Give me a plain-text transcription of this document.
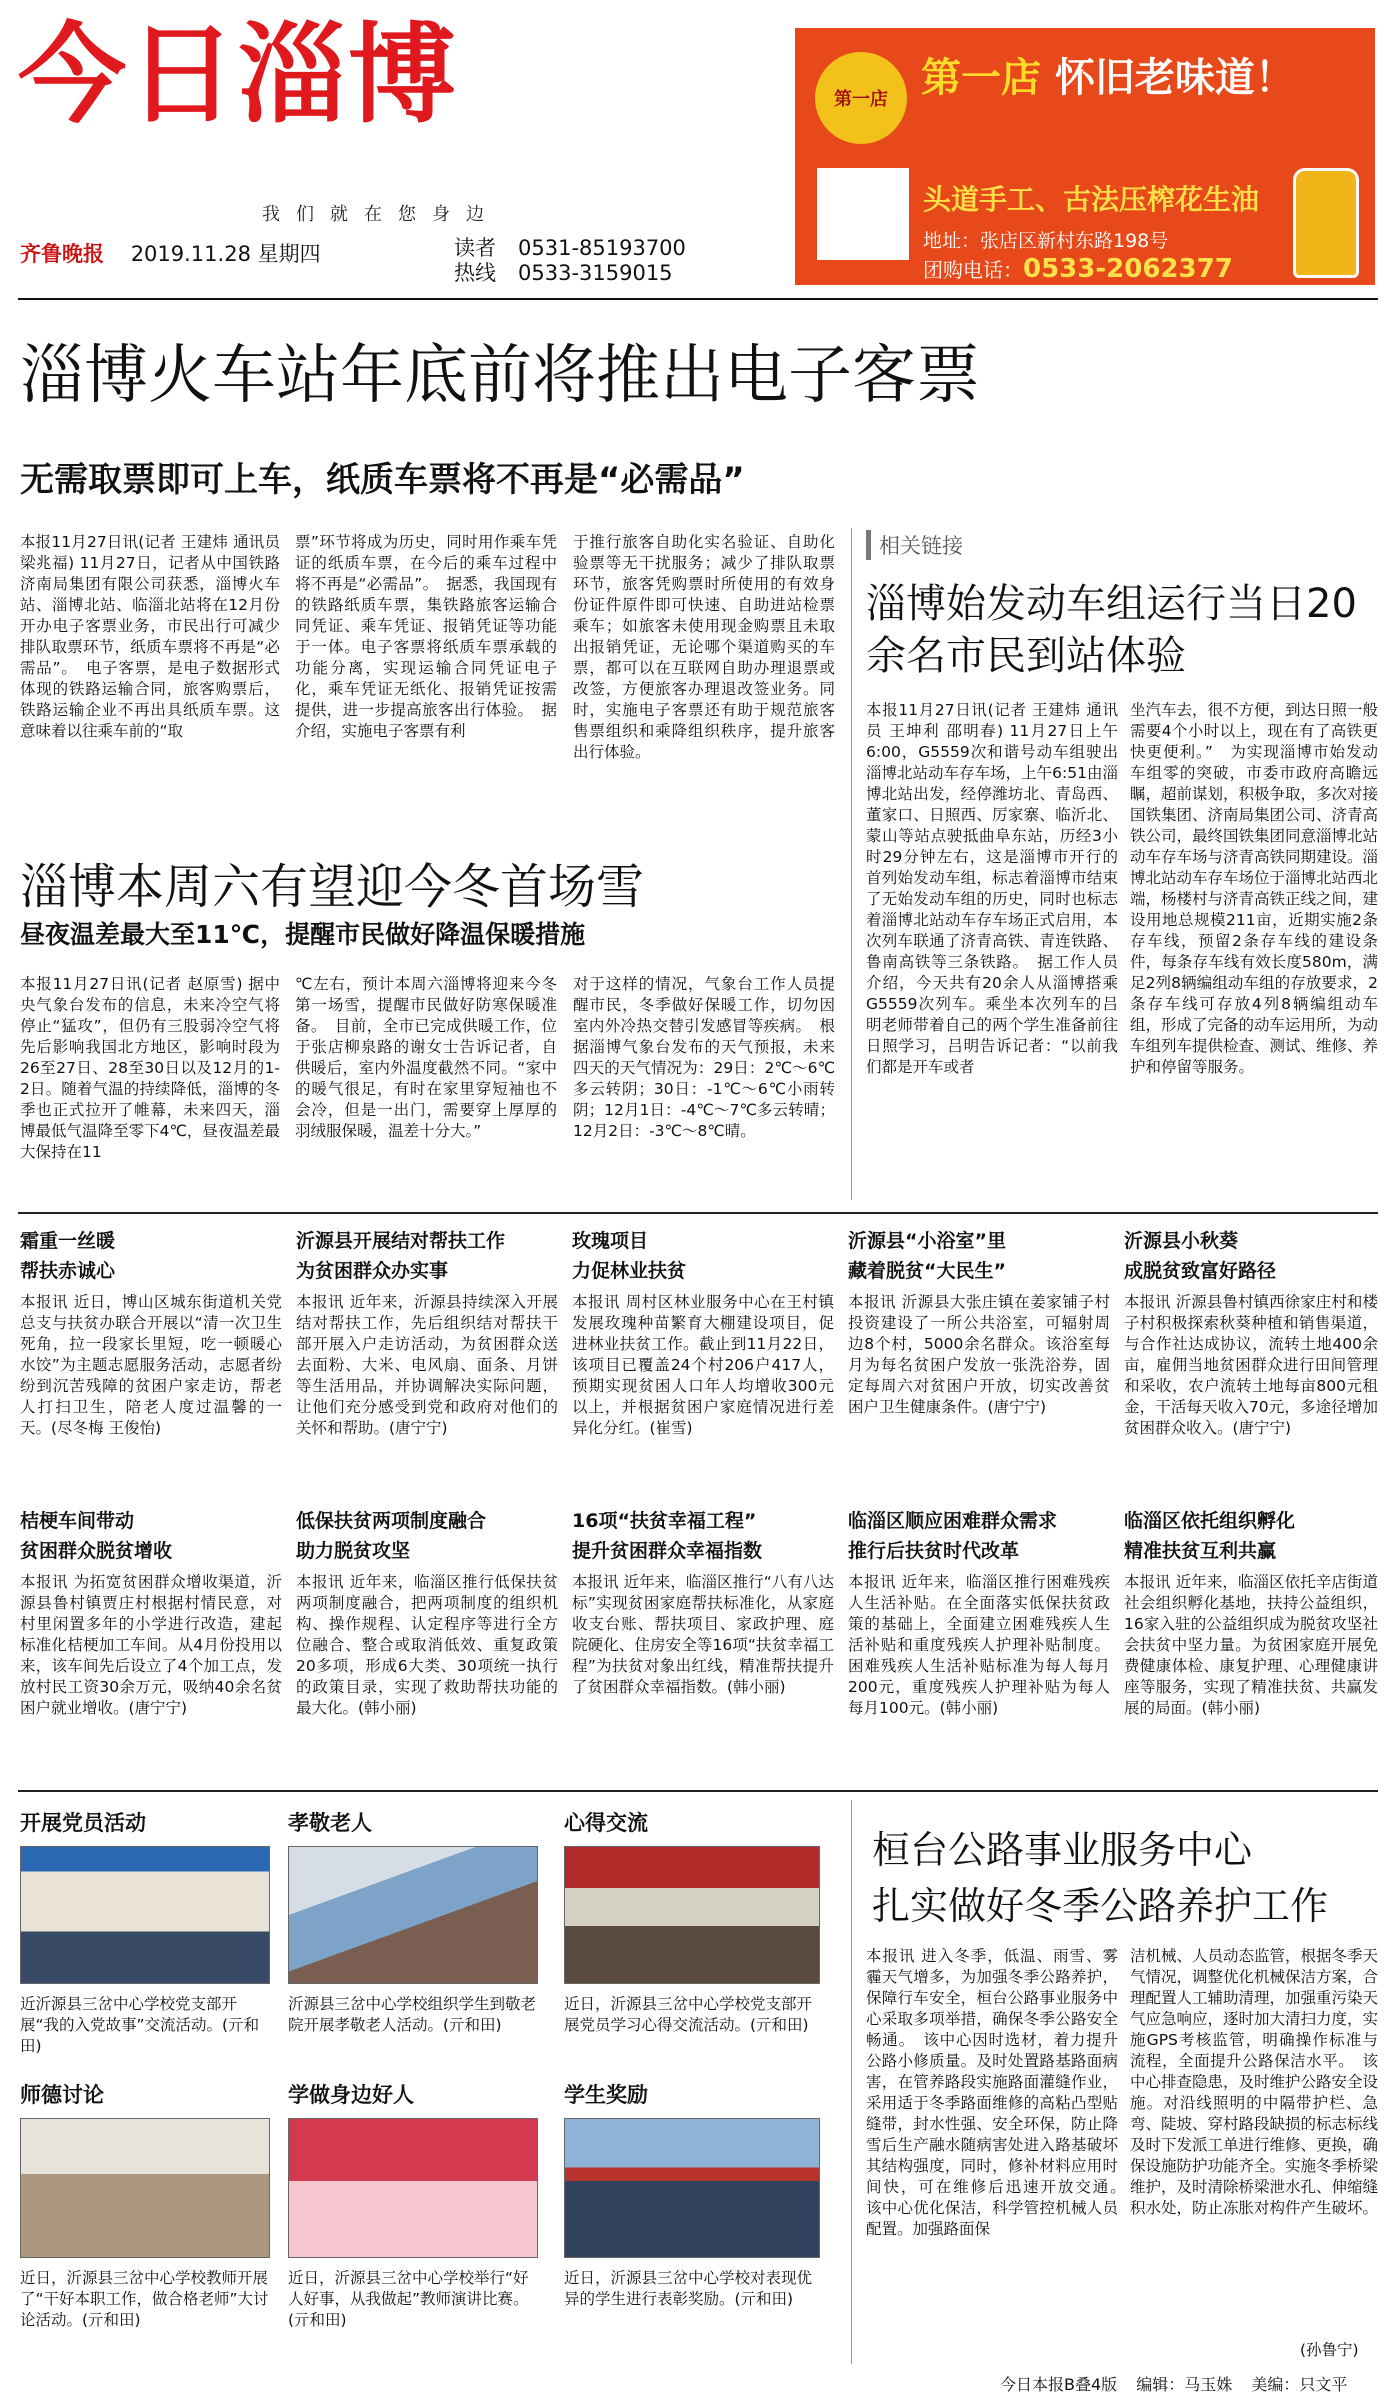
今日淄博
我们就在您身边
齐鲁晚报 2019.11.28 星期四	读者
热线
0531-85193700
0533-3159015
第一店 第一店 怀旧老味道！
头道手工、古法压榨花生油
地址：张店区新村东路198号
团购电话：0533-2062377
淄博火车站年底前将推出电子客票
无需取票即可上车，纸质车票将不再是“必需品”
本报11月27日讯(记者 王建炜 通讯员 梁兆福) 11月27日，记者从中国铁路济南局集团有限公司获悉，淄博火车站、淄博北站、临淄北站将在12月份开办电子客票业务，市民出行可减少排队取票环节，纸质车票将不再是“必需品”。　电子客票，是电子数据形式体现的铁路运输合同，旅客购票后，铁路运输企业不再出具纸质车票。这意味着以往乘车前的“取
票”环节将成为历史，同时用作乘车凭证的纸质车票，在今后的乘车过程中将不再是“必需品”。　据悉，我国现有的铁路纸质车票，集铁路旅客运输合同凭证、乘车凭证、报销凭证等功能于一体。电子客票将纸质车票承载的功能分离，实现运输合同凭证电子化，乘车凭证无纸化、报销凭证按需提供，进一步提高旅客出行体验。　据介绍，实施电子客票有利
于推行旅客自助化实名验证、自助化验票等无干扰服务；减少了排队取票环节，旅客凭购票时所使用的有效身份证件原件即可快速、自助进站检票乘车；如旅客未使用现金购票且未取出报销凭证，无论哪个渠道购买的车票，都可以在互联网自助办理退票或改签，方便旅客办理退改签业务。同时，实施电子客票还有助于规范旅客售票组织和乘降组织秩序，提升旅客出行体验。
相关链接
淄博始发动车组运行当日20余名市民到站体验
本报11月27日讯(记者 王建炜 通讯员 王坤利 邵明春) 11月27日上午6:00，G5559次和谐号动车组驶出淄博北站动车存车场，上午6:51由淄博北站出发，经停潍坊北、青岛西、董家口、日照西、厉家寨、临沂北、蒙山等站点驶抵曲阜东站，历经3小时29分钟左右，这是淄博市开行的首列始发动车组，标志着淄博市结束了无始发动车组的历史，同时也标志着淄博北站动车存车场正式启用，本次列车联通了济青高铁、青连铁路、鲁南高铁等三条铁路。　据工作人员介绍，今天共有20余人从淄博搭乘G5559次列车。乘坐本次列车的吕明老师带着自己的两个学生准备前往日照学习，吕明告诉记者：“以前我们都是开车或者
坐汽车去，很不方便，到达日照一般需要4个小时以上，现在有了高铁更快更便利。”　为实现淄博市始发动车组零的突破，市委市政府高瞻远瞩，超前谋划，积极争取，多次对接国铁集团、济南局集团公司、济青高铁公司，最终国铁集团同意淄博北站动车存车场与济青高铁同期建设。淄博北站动车存车场位于淄博北站西北端，杨楼村与济青高铁正线之间，建设用地总规模211亩，近期实施2条存车线，预留2条存车线的建设条件，每条存车线有效长度580m，满足2列8辆编组动车组的存放要求，2条存车线可存放4列8辆编组动车组，形成了完备的动车运用所，为动车组列车提供检查、测试、维修、养护和停留等服务。
淄博本周六有望迎今冬首场雪
昼夜温差最大至11℃，提醒市民做好降温保暖措施
本报11月27日讯(记者 赵原雪) 据中央气象台发布的信息，未来冷空气将停止“猛攻”，但仍有三股弱冷空气将先后影响我国北方地区，影响时段为26至27日、28至30日以及12月的1-2日。随着气温的持续降低，淄博的冬季也正式拉开了帷幕，未来四天，淄博最低气温降至零下4℃，昼夜温差最大保持在11
℃左右，预计本周六淄博将迎来今冬第一场雪，提醒市民做好防寒保暖准备。　目前，全市已完成供暖工作，位于张店柳泉路的谢女士告诉记者，自供暖后，室内外温度截然不同。“家中的暖气很足，有时在家里穿短袖也不会冷，但是一出门，需要穿上厚厚的羽绒服保暖，温差十分大。”
对于这样的情况，气象台工作人员提醒市民，冬季做好保暖工作，切勿因室内外冷热交替引发感冒等疾病。　根据淄博气象台发布的天气预报，未来四天的天气情况为：29日：2℃～6℃多云转阴；30日：-1℃～6℃小雨转阴；12月1日：-4℃～7℃多云转晴；12月2日：-3℃～8℃晴。
霜重一丝暖
帮扶赤诚心
本报讯 近日，博山区城东街道机关党总支与扶贫办联合开展以“清一次卫生死角，拉一段家长里短，吃一顿暖心水饺”为主题志愿服务活动，志愿者纷纷到沉苦残障的贫困户家走访，帮老人打扫卫生，陪老人度过温馨的一天。(尽冬梅 王俊怡)
沂源县开展结对帮扶工作
为贫困群众办实事
本报讯 近年来，沂源县持续深入开展结对帮扶工作，先后组织结对帮扶干部开展入户走访活动，为贫困群众送去面粉、大米、电风扇、面条、月饼等生活用品，并协调解决实际问题，让他们充分感受到党和政府对他们的关怀和帮助。(唐宁宁)
玫瑰项目
力促林业扶贫
本报讯 周村区林业服务中心在王村镇发展玫瑰种苗繁育大棚建设项目，促进林业扶贫工作。截止到11月22日，该项目已覆盖24个村206户417人，预期实现贫困人口年人均增收300元以上，并根据贫困户家庭情况进行差异化分红。(崔雪)
沂源县“小浴室”里
藏着脱贫“大民生”
本报讯 沂源县大张庄镇在姜家铺子村投资建设了一所公共浴室，可辐射周边8个村，5000余名群众。该浴室每月为每名贫困户发放一张洗浴券，固定每周六对贫困户开放，切实改善贫困户卫生健康条件。(唐宁宁)
沂源县小秋葵
成脱贫致富好路径
本报讯 沂源县鲁村镇西徐家庄村和楼子村积极探索秋葵种植和销售渠道，与合作社达成协议，流转土地400余亩，雇佣当地贫困群众进行田间管理和采收，农户流转土地每亩800元租金，干活每天收入70元，多途径增加贫困群众收入。(唐宁宁)
桔梗车间带动
贫困群众脱贫增收
本报讯 为拓宽贫困群众增收渠道，沂源县鲁村镇贾庄村根据村情民意，对村里闲置多年的小学进行改造，建起标准化桔梗加工车间。从4月份投用以来，该车间先后设立了4个加工点，发放村民工资30余万元，吸纳40余名贫困户就业增收。(唐宁宁)
低保扶贫两项制度融合
助力脱贫攻坚
本报讯 近年来，临淄区推行低保扶贫两项制度融合，把两项制度的组织机构、操作规程、认定程序等进行全方位融合、整合或取消低效、重复政策20多项，形成6大类、30项统一执行的政策目录，实现了救助帮扶功能的最大化。(韩小丽)
16项“扶贫幸福工程”
提升贫困群众幸福指数
本报讯 近年来，临淄区推行“八有八达标”实现贫困家庭帮扶标准化，从家庭收支台账、帮扶项目、家政护理、庭院硬化、住房安全等16项“扶贫幸福工程”为扶贫对象出红线，精准帮扶提升了贫困群众幸福指数。(韩小丽)
临淄区顺应困难群众需求
推行后扶贫时代改革
本报讯 近年来，临淄区推行困难残疾人生活补贴。在全面落实低保扶贫政策的基础上，全面建立困难残疾人生活补贴和重度残疾人护理补贴制度。困难残疾人生活补贴标准为每人每月200元，重度残疾人护理补贴为每人每月100元。(韩小丽)
临淄区依托组织孵化
精准扶贫互利共赢
本报讯 近年来，临淄区依托辛店街道社会组织孵化基地，扶持公益组织，16家入驻的公益组织成为脱贫攻坚社会扶贫中坚力量。为贫困家庭开展免费健康体检、康复护理、心理健康讲座等服务，实现了精准扶贫、共赢发展的局面。(韩小丽)
开展党员活动
近沂源县三岔中心学校党支部开展“我的入党故事”交流活动。(亓和田)
孝敬老人
沂源县三岔中心学校组织学生到敬老院开展孝敬老人活动。(亓和田)
心得交流
近日，沂源县三岔中心学校党支部开展党员学习心得交流活动。(亓和田)
师德讨论
近日，沂源县三岔中心学校教师开展了“干好本职工作，做合格老师”大讨论活动。(亓和田)
学做身边好人
近日，沂源县三岔中心学校举行“好人好事，从我做起”教师演讲比赛。(亓和田)
学生奖励
近日，沂源县三岔中心学校对表现优异的学生进行表彰奖励。(亓和田)
桓台公路事业服务中心
扎实做好冬季公路养护工作
本报讯 进入冬季，低温、雨雪、雾霾天气增多，为加强冬季公路养护，保障行车安全，桓台公路事业服务中心采取多项举措，确保冬季公路安全畅通。　该中心因时选材，着力提升公路小修质量。及时处置路基路面病害，在管养路段实施路面灌缝作业，采用适于冬季路面维修的高粘凸型贴缝带，封水性强、安全环保，防止降雪后生产融水随病害处进入路基破坏其结构强度，同时，修补材料应用时间快，可在维修后迅速开放交通。　该中心优化保洁，科学管控机械人员配置。加强路面保
洁机械、人员动态监管，根据冬季天气情况，调整优化机械保洁方案，合理配置人工辅助清理，加强重污染天气应急响应，逐时加大清扫力度，实施GPS考核监管，明确操作标准与流程，全面提升公路保洁水平。　该中心排查隐患，及时维护公路安全设施。对沿线照明的中隔带护栏、急弯、陡坡、穿村路段缺损的标志标线及时下发派工单进行维修、更换，确保设施防护功能齐全。实施冬季桥梁维护，及时清除桥梁泄水孔、伸缩缝积水处，防止冻胀对构件产生破坏。
(孙鲁宁)
今日本报B叠4版 编辑：马玉姝 美编：只文平
